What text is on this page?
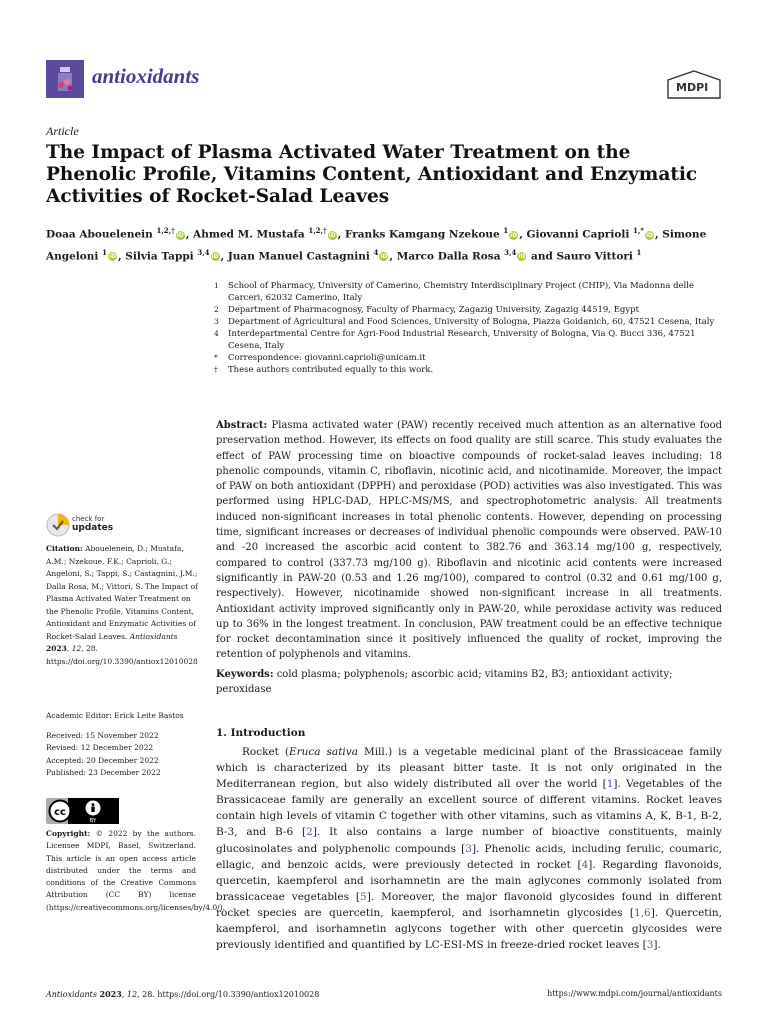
antioxidants	MDPI
Article
The Impact of Plasma Activated Water Treatment on the Phenolic Profile, Vitamins Content, Antioxidant and Enzymatic Activities of Rocket-Salad Leaves
Doaa Abouelenein $^{1,2,\dagger}$ iD , Ahmed M. Mustafa $^{1,2,\dagger}$ iD , Franks Kamgang Nzekoue $^1$ iD , Giovanni Caprioli $^{1,*}$ iD , Simone Angeloni $^1$ iD , Silvia Tappi $^{3,4}$ iD , Juan Manuel Castagnini $^4$ iD , Marco Dalla Rosa $^{3,4}$ iD and Sauro Vittori $^1$
1	School of Pharmacy, University of Camerino, Chemistry Interdisciplinary Project (CHIP), Via Madonna delle Carceri, 62032 Camerino, Italy
2	Department of Pharmacognosy, Faculty of Pharmacy, Zagazig University, Zagazig 44519, Egypt
3	Department of Agricultural and Food Sciences, University of Bologna, Piazza Goidanich, 60, 47521 Cesena, Italy
4	Interdepartmental Centre for Agri-Food Industrial Research, University of Bologna, Via Q. Bucci 336, 47521 Cesena, Italy
*	Correspondence: giovanni.caprioli@unicam.it
†	These authors contributed equally to this work.
Abstract: Plasma activated water (PAW) recently received much attention as an alternative food preservation method. However, its effects on food quality are still scarce. This study evaluates the effect of PAW processing time on bioactive compounds of rocket-salad leaves including: 18 phenolic compounds, vitamin C, riboflavin, nicotinic acid, and nicotinamide. Moreover, the impact of PAW on both antioxidant (DPPH) and peroxidase (POD) activities was also investigated. This was performed using HPLC-DAD, HPLC-MS/MS, and spectrophotometric analysis. All treatments induced non-significant increases in total phenolic contents. However, depending on processing time, significant increases or decreases of individual phenolic compounds were observed. PAW-10 and -20 increased the ascorbic acid content to 382.76 and 363.14 mg/100 g, respectively, compared to control (337.73 mg/100 g). Riboflavin and nicotinic acid contents were increased significantly in PAW-20 (0.53 and 1.26 mg/100), compared to control (0.32 and 0.61 mg/100 g, respectively). However, nicotinamide showed non-significant increase in all treatments. Antioxidant activity improved significantly only in PAW-20, while peroxidase activity was reduced up to 36% in the longest treatment. In conclusion, PAW treatment could be an effective technique for rocket decontamination since it positively influenced the quality of rocket, improving the retention of polyphenols and vitamins.
Keywords: cold plasma; polyphenols; ascorbic acid; vitamins B2, B3; antioxidant activity; peroxidase
check for
updates
Citation: Abouelenein, D.; Mustafa, A.M.; Nzekoue, F.K.; Caprioli, G.; Angeloni, S.; Tappi, S.; Castagnini, J.M.; Dalla Rosa, M.; Vittori, S. The Impact of Plasma Activated Water Treatment on the Phenolic Profile, Vitamins Content, Antioxidant and Enzymatic Activities of Rocket-Salad Leaves. Antioxidants 2023, 12, 28. https://doi.org/10.3390/antiox12010028
Academic Editor: Erick Leite Bastos
Received: 15 November 2022
Revised: 12 December 2022
Accepted: 20 December 2022
Published: 23 December 2022
cc
BY
Copyright: © 2022 by the authors. Licensee MDPI, Basel, Switzerland. This article is an open access article distributed under the terms and conditions of the Creative Commons Attribution (CC BY) license (https://creativecommons.org/licenses/by/4.0/).
1. Introduction
Rocket (Eruca sativa Mill.) is a vegetable medicinal plant of the Brassicaceae family which is characterized by its pleasant bitter taste. It is not only originated in the Mediterranean region, but also widely distributed all over the world [1]. Vegetables of the Brassicaceae family are generally an excellent source of different vitamins. Rocket leaves contain high levels of vitamin C together with other vitamins, such as vitamins A, K, B-1, B-2, B-3, and B-6 [2]. It also contains a large number of bioactive constituents, mainly glucosinolates and polyphenolic compounds [3]. Phenolic acids, including ferulic, coumaric, ellagic, and benzoic acids, were previously detected in rocket [4]. Regarding flavonoids, quercetin, kaempferol and isorhamnetin are the main aglycones commonly isolated from brassicaceae vegetables [5]. Moreover, the major flavonoid glycosides found in different rocket species are quercetin, kaempferol, and isorhamnetin glycosides [1,6]. Quercetin, kaempferol, and isorhamnetin aglycons together with other quercetin glycosides were previously identified and quantified by LC-ESI-MS in freeze-dried rocket leaves [3].
Antioxidants 2023, 12, 28. https://doi.org/10.3390/antiox12010028	https://www.mdpi.com/journal/antioxidants
